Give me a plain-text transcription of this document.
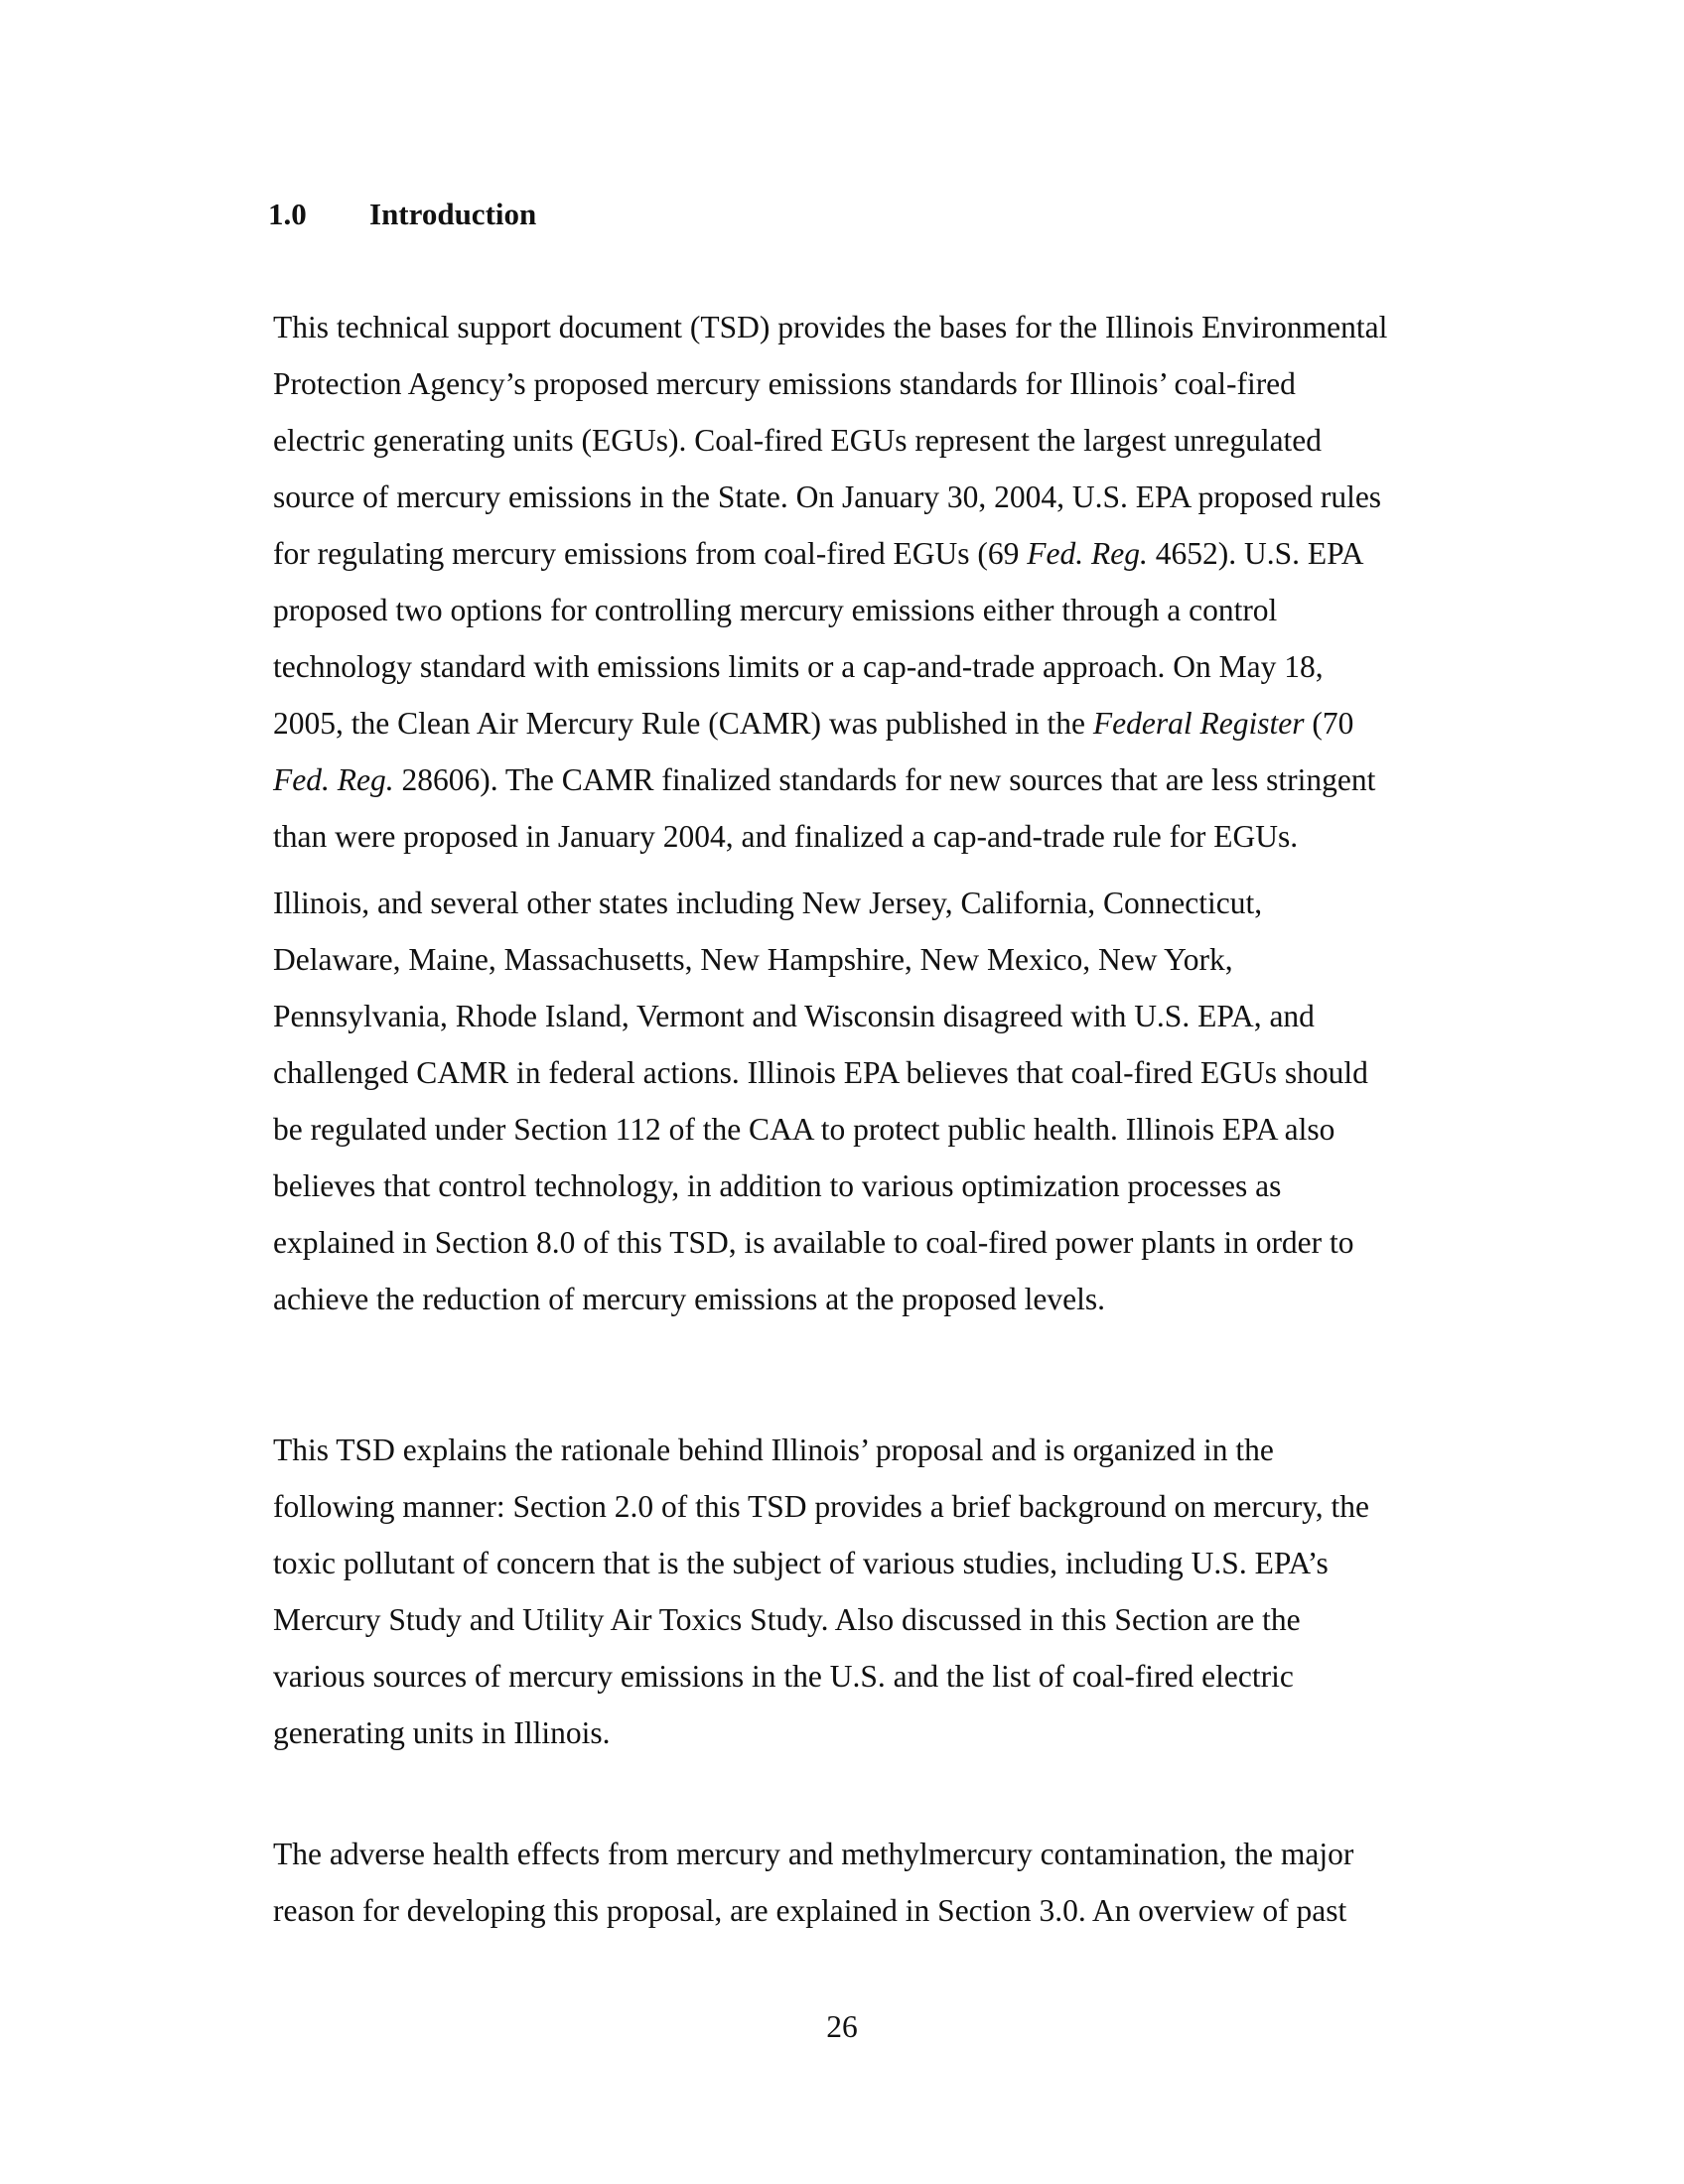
1.0 Introduction
This technical support document (TSD) provides the bases for the Illinois Environmental
Protection Agency’s proposed mercury emissions standards for Illinois’ coal-fired
electric generating units (EGUs). Coal-fired EGUs represent the largest unregulated
source of mercury emissions in the State. On January 30, 2004, U.S. EPA proposed rules
for regulating mercury emissions from coal-fired EGUs (69 Fed. Reg. 4652). U.S. EPA
proposed two options for controlling mercury emissions either through a control
technology standard with emissions limits or a cap-and-trade approach. On May 18,
2005, the Clean Air Mercury Rule (CAMR) was published in the Federal Register (70
Fed. Reg. 28606). The CAMR finalized standards for new sources that are less stringent
than were proposed in January 2004, and finalized a cap-and-trade rule for EGUs.
Illinois, and several other states including New Jersey, California, Connecticut,
Delaware, Maine, Massachusetts, New Hampshire, New Mexico, New York,
Pennsylvania, Rhode Island, Vermont and Wisconsin disagreed with U.S. EPA, and
challenged CAMR in federal actions. Illinois EPA believes that coal-fired EGUs should
be regulated under Section 112 of the CAA to protect public health. Illinois EPA also
believes that control technology, in addition to various optimization processes as
explained in Section 8.0 of this TSD, is available to coal-fired power plants in order to
achieve the reduction of mercury emissions at the proposed levels.
This TSD explains the rationale behind Illinois’ proposal and is organized in the
following manner: Section 2.0 of this TSD provides a brief background on mercury, the
toxic pollutant of concern that is the subject of various studies, including U.S. EPA’s
Mercury Study and Utility Air Toxics Study. Also discussed in this Section are the
various sources of mercury emissions in the U.S. and the list of coal-fired electric
generating units in Illinois.
The adverse health effects from mercury and methylmercury contamination, the major
reason for developing this proposal, are explained in Section 3.0. An overview of past
26
